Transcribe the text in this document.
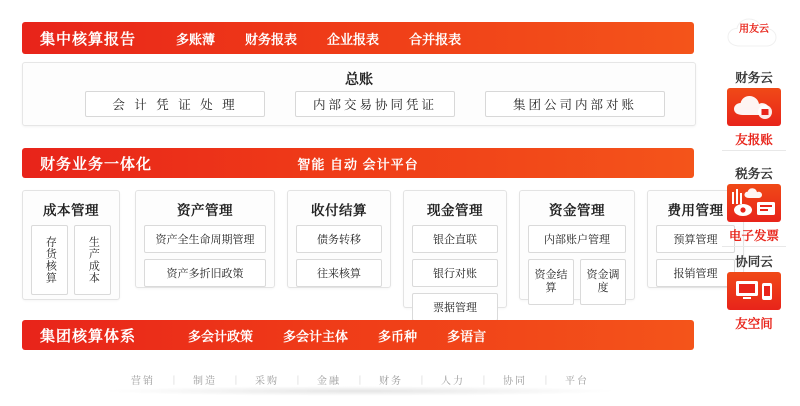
集中核算报告	多账薄 财务报表 企业报表 合并报表
总账
会 计 凭 证 处 理	内部交易协同凭证	集团公司内部对账
财务业务一体化	智能 自动 会计平台
成本管理
存货核算	生产成本
资产管理
资产全生命周期管理
资产多折旧政策
收付结算
债务转移
往来核算
现金管理
银企直联
银行对账
票据管理
资金管理
内部账户管理
资金结算
资金调度
费用管理
预算管理
报销管理
集团核算体系	多会计政策 多会计主体 多币种 多语言
营销	丨	制造	丨	采购	丨	金融	丨	财务	丨	人力	丨	协同	丨	平台
用友云
财务云
友报账
税务云
电子发票
协同云
友空间
